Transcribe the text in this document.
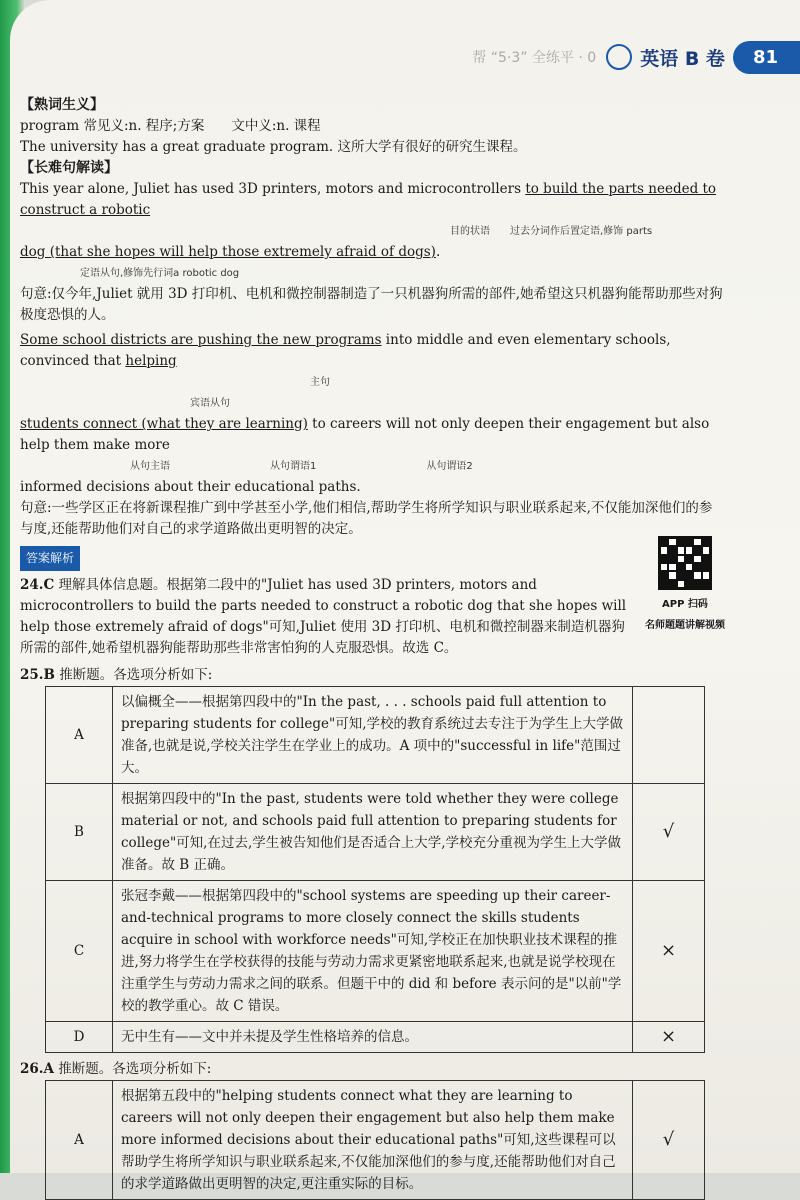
帮 “5·3” 全练平 · 0 英语 B 卷	81

【熟词生义】

program 常见义:n. 程序;方案　　文中义:n. 课程

The university has a great graduate program. 这所大学有很好的研究生课程。

【长难句解读】

This year alone, Juliet has used 3D printers, motors and microcontrollers to build the parts needed to construct a robotic

目的状语　　过去分词作后置定语,修饰 parts

dog (that she hopes will help those extremely afraid of dogs).

定语从句,修饰先行词a robotic dog

句意:仅今年,Juliet 就用 3D 打印机、电机和微控制器制造了一只机器狗所需的部件,她希望这只机器狗能帮助那些对狗极度恐惧的人。

Some school districts are pushing the new programs into middle and even elementary schools, convinced that helping

主句

宾语从句

students connect (what they are learning) to careers will not only deepen their engagement but also help them make more

从句主语　　　　　　　　　　从句谓语1　　　　　　　　　　　从句谓语2

informed decisions about their educational paths.

句意:一些学区正在将新课程推广到中学甚至小学,他们相信,帮助学生将所学知识与职业联系起来,不仅能加深他们的参与度,还能帮助他们对自己的求学道路做出更明智的决定。

答案解析
APP 扫码
名师题题讲解视频

24.C 理解具体信息题。根据第二段中的"Juliet has used 3D printers, motors and microcontrollers to build the parts needed to construct a robotic dog that she hopes will help those extremely afraid of dogs"可知,Juliet 使用 3D 打印机、电机和微控制器来制造机器狗所需的部件,她希望机器狗能帮助那些非常害怕狗的人克服恐惧。故选 C。

25.B 推断题。各选项分析如下:

A	以偏概全——根据第四段中的"In the past, . . . schools paid full attention to preparing students for college"可知,学校的教育系统过去专注于为学生上大学做准备,也就是说,学校关注学生在学业上的成功。A 项中的"successful in life"范围过大。	
B	根据第四段中的"In the past, students were told whether they were college material or not, and schools paid full attention to preparing students for college"可知,在过去,学生被告知他们是否适合上大学,学校充分重视为学生上大学做准备。故 B 正确。	√
C	张冠李戴——根据第四段中的"school systems are speeding up their career-and-technical programs to more closely connect the skills students acquire in school with workforce needs"可知,学校正在加快职业技术课程的推进,努力将学生在学校获得的技能与劳动力需求更紧密地联系起来,也就是说学校现在注重学生与劳动力需求之间的联系。但题干中的 did 和 before 表示问的是"以前"学校的教学重心。故 C 错误。	×
D	无中生有——文中并未提及学生性格培养的信息。	×

26.A 推断题。各选项分析如下:

A	根据第五段中的"helping students connect what they are learning to careers will not only deepen their engagement but also help them make more informed decisions about their educational paths"可知,这些课程可以帮助学生将所学知识与职业联系起来,不仅能加深他们的参与度,还能帮助他们对自己的求学道路做出更明智的决定,更注重实际的目标。	√
